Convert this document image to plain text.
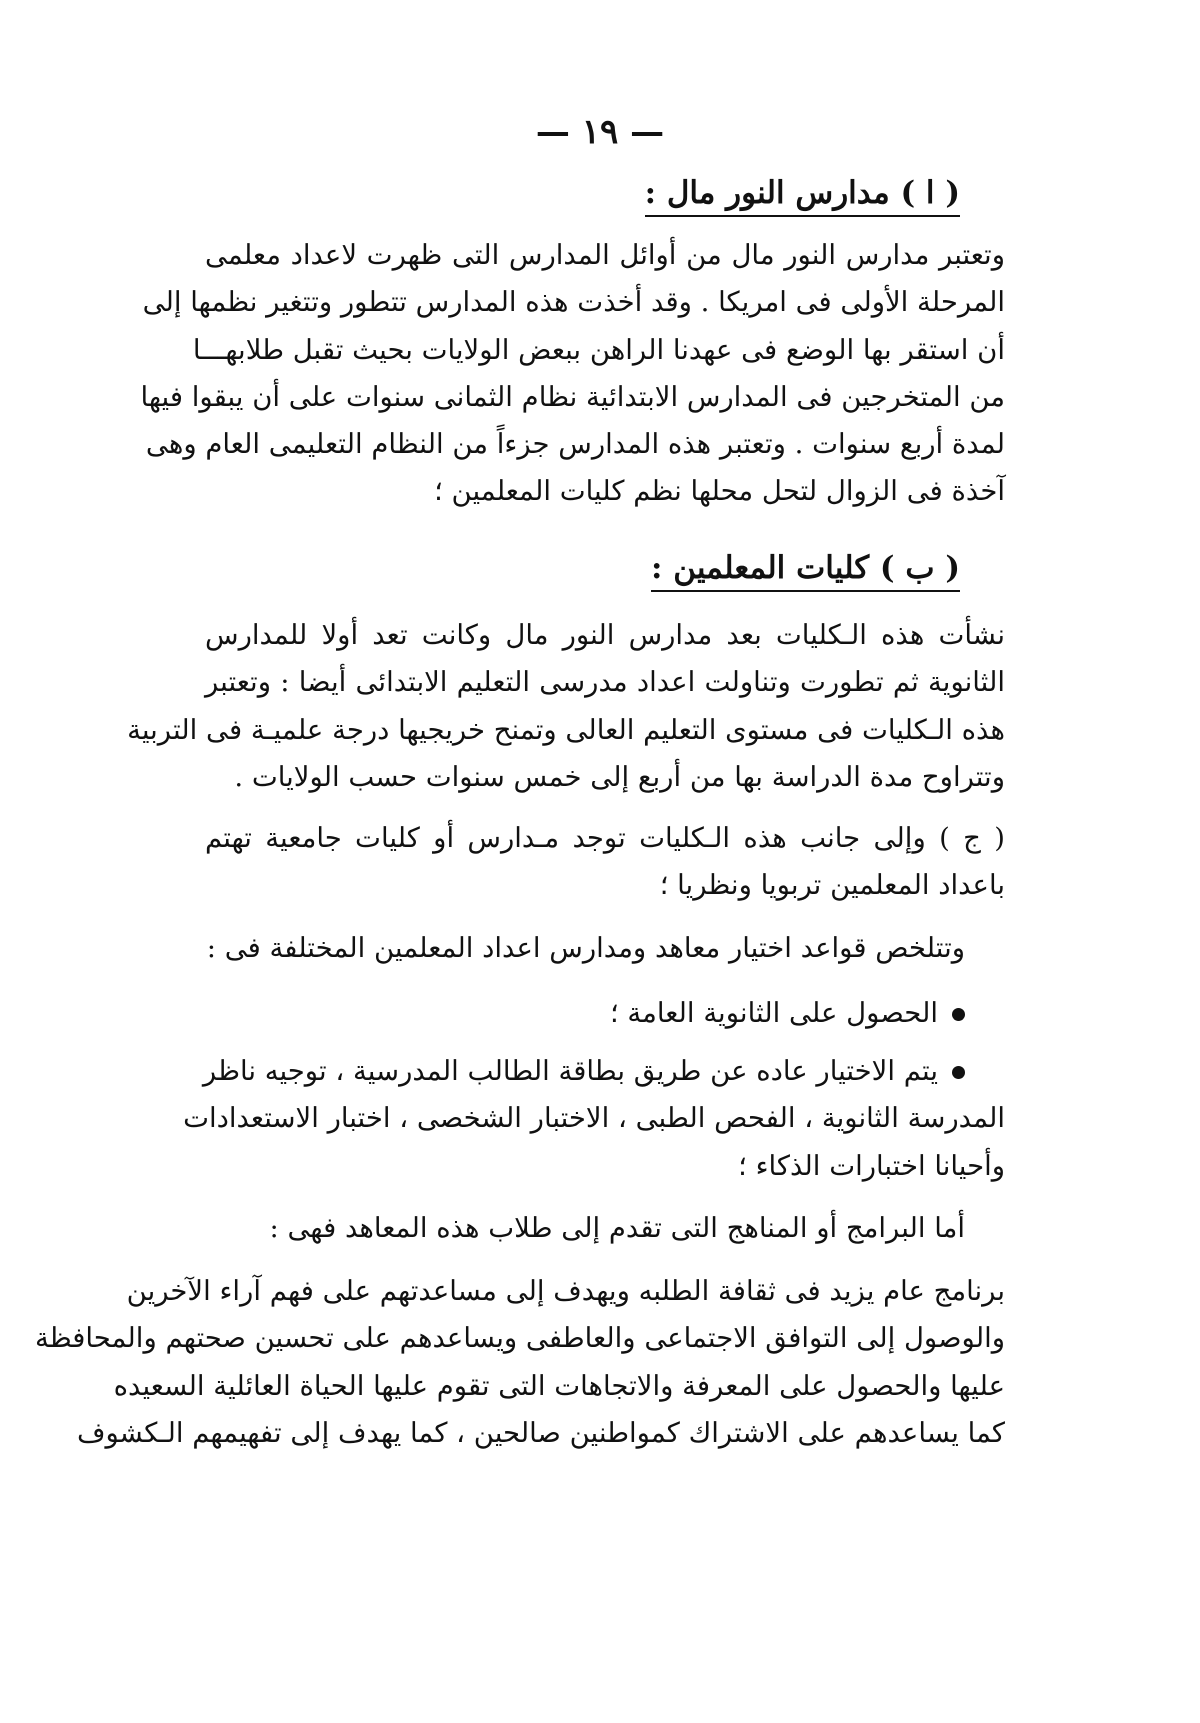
— ١٩ —
( ا ) مدارس النور مال :

وتعتبر مدارس النور مال من أوائل المدارس التى ظهرت لاعداد معلمى
المرحلة الأولى فى امريكا . وقد أخذت هذه المدارس تتطور وتتغير نظمها إلى
أن استقر بها الوضع فى عهدنا الراهن ببعض الولايات بحيث تقبل طلابهـــا
من المتخرجين فى المدارس الابتدائية نظام الثمانى سنوات على أن يبقوا فيها
لمدة أربع سنوات . وتعتبر هذه المدارس جزءاً من النظام التعليمى العام وهى
آخذة فى الزوال لتحل محلها نظم كليات المعلمين ؛

( ب ) كليات المعلمين :

نشأت هذه الـكليات بعد مدارس النور مال وكانت تعد أولا للمدارس
الثانوية ثم تطورت وتناولت اعداد مدرسى التعليم الابتدائى أيضا : وتعتبر
هذه الـكليات فى مستوى التعليم العالى وتمنح خريجيها درجة علميـة فى التربية
وتتراوح مدة الدراسة بها من أربع إلى خمس سنوات حسب الولايات .

( ج ) وإلى جانب هذه الـكليات توجد مـدارس أو كليات جامعية تهتم
باعداد المعلمين تربويا ونظريا ؛

وتتلخص قواعد اختيار معاهد ومدارس اعداد المعلمين المختلفة فى :

الحصول على الثانوية العامة ؛

يتم الاختيار عاده عن طريق بطاقة الطالب المدرسية ، توجيه ناظر
المدرسة الثانوية ، الفحص الطبى ، الاختبار الشخصى ، اختبار الاستعدادات
وأحيانا اختبارات الذكاء ؛

أما البرامج أو المناهج التى تقدم إلى طلاب هذه المعاهد فهى :

برنامج عام يزيد فى ثقافة الطلبه ويهدف إلى مساعدتهم على فهم آراء الآخرين
والوصول إلى التوافق الاجتماعى والعاطفى ويساعدهم على تحسين صحتهم والمحافظة
عليها والحصول على المعرفة والاتجاهات التى تقوم عليها الحياة العائلية السعيده
كما يساعدهم على الاشتراك كمواطنين صالحين ، كما يهدف إلى تفهيمهم الـكشوف
